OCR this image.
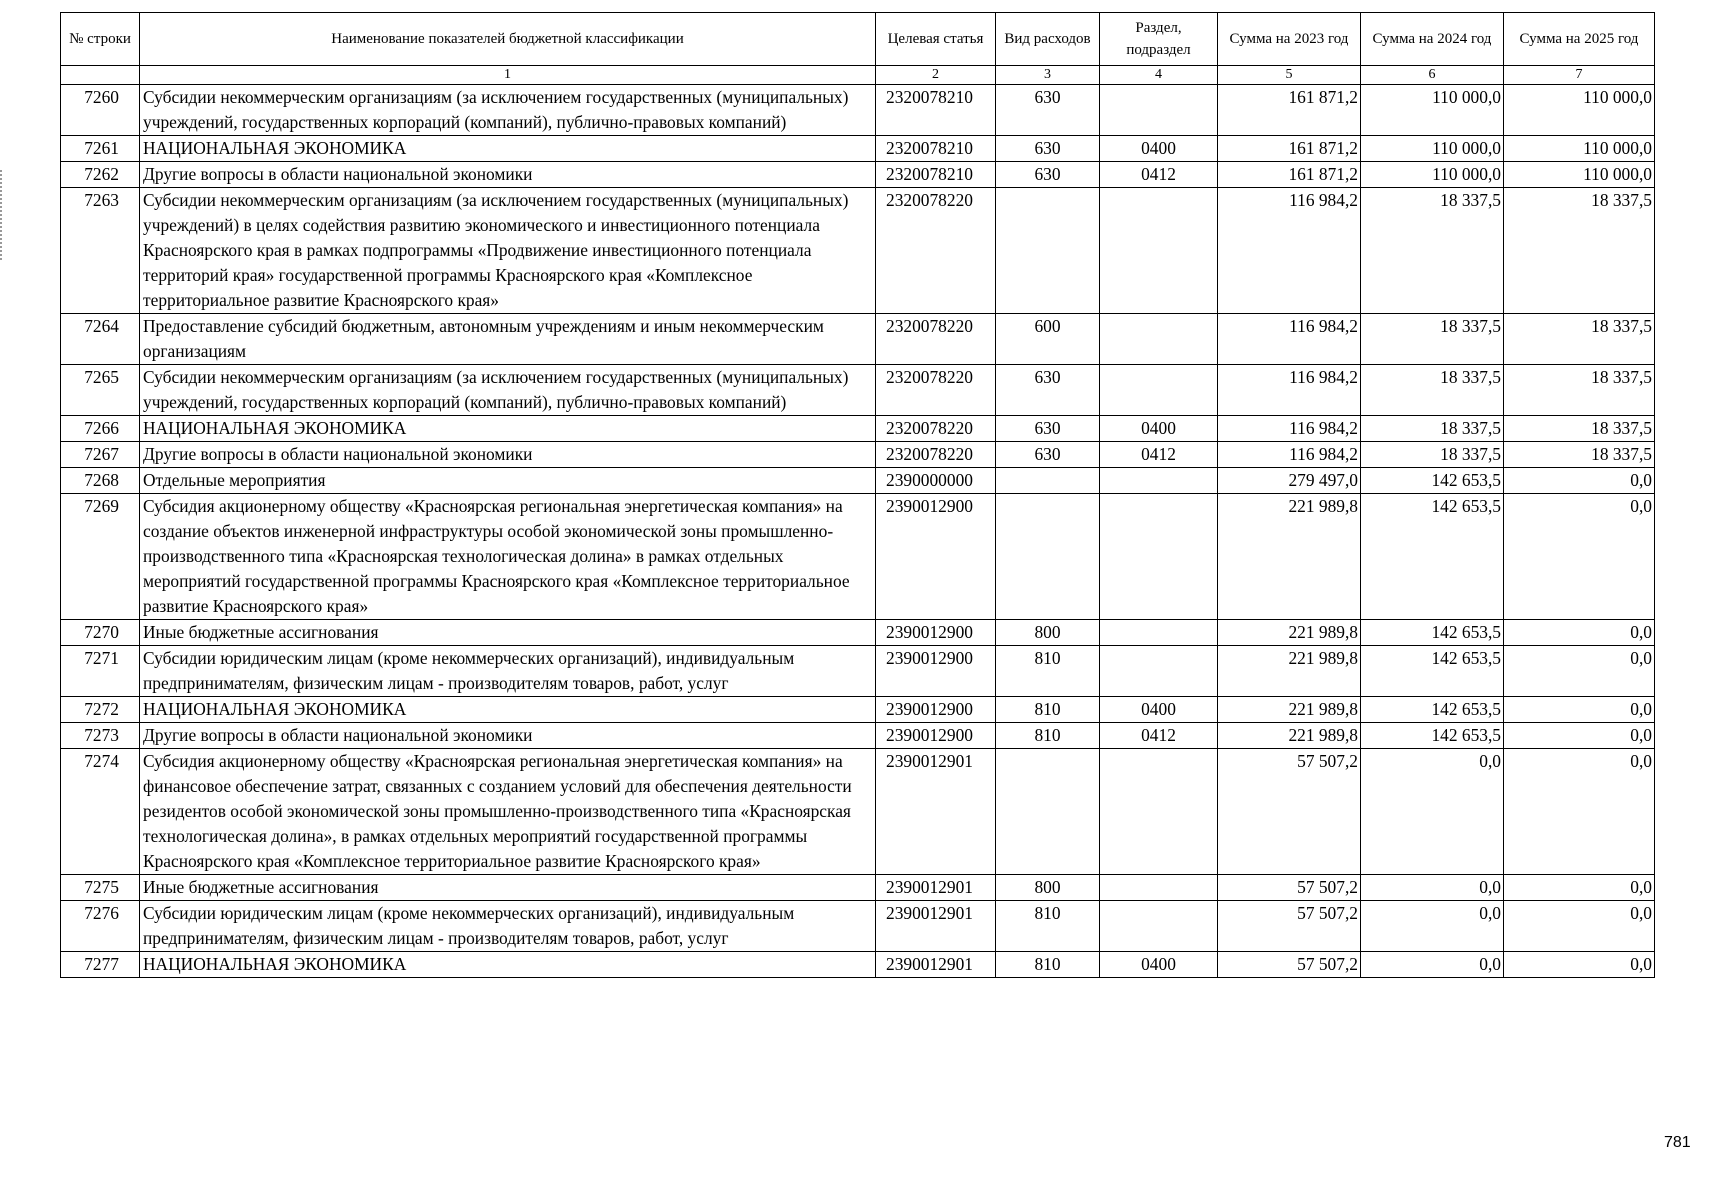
№ строки	Наименование показателей бюджетной классификации	Целевая статья	Вид расходов	Раздел, подраздел	Сумма на 2023 год	Сумма на 2024 год	Сумма на 2025 год
	1	2	3	4	5	6	7
7260	Субсидии некоммерческим организациям (за исключением государственных (муниципальных) учреждений, государственных корпораций (компаний), публично-правовых компаний)	2320078210	630		161 871,2	110 000,0	110 000,0
7261	НАЦИОНАЛЬНАЯ ЭКОНОМИКА	2320078210	630	0400	161 871,2	110 000,0	110 000,0
7262	Другие вопросы в области национальной экономики	2320078210	630	0412	161 871,2	110 000,0	110 000,0
7263	Субсидии некоммерческим организациям (за исключением государственных (муниципальных) учреждений) в целях содействия развитию экономического и инвестиционного потенциала Красноярского края в рамках подпрограммы «Продвижение инвестиционного потенциала территорий края» государственной программы Красноярского края «Комплексное территориальное развитие Красноярского края»	2320078220			116 984,2	18 337,5	18 337,5
7264	Предоставление субсидий бюджетным, автономным учреждениям и иным некоммерческим организациям	2320078220	600		116 984,2	18 337,5	18 337,5
7265	Субсидии некоммерческим организациям (за исключением государственных (муниципальных) учреждений, государственных корпораций (компаний), публично-правовых компаний)	2320078220	630		116 984,2	18 337,5	18 337,5
7266	НАЦИОНАЛЬНАЯ ЭКОНОМИКА	2320078220	630	0400	116 984,2	18 337,5	18 337,5
7267	Другие вопросы в области национальной экономики	2320078220	630	0412	116 984,2	18 337,5	18 337,5
7268	Отдельные мероприятия	2390000000			279 497,0	142 653,5	0,0
7269	Субсидия акционерному обществу «Красноярская региональная энергетическая компания» на создание объектов инженерной инфраструктуры особой экономической зоны промышленно-производственного типа «Красноярская технологическая долина» в рамках отдельных мероприятий государственной программы Красноярского края «Комплексное территориальное развитие Красноярского края»	2390012900			221 989,8	142 653,5	0,0
7270	Иные бюджетные ассигнования	2390012900	800		221 989,8	142 653,5	0,0
7271	Субсидии юридическим лицам (кроме некоммерческих организаций), индивидуальным предпринимателям, физическим лицам - производителям товаров, работ, услуг	2390012900	810		221 989,8	142 653,5	0,0
7272	НАЦИОНАЛЬНАЯ ЭКОНОМИКА	2390012900	810	0400	221 989,8	142 653,5	0,0
7273	Другие вопросы в области национальной экономики	2390012900	810	0412	221 989,8	142 653,5	0,0
7274	Субсидия акционерному обществу «Красноярская региональная энергетическая компания» на финансовое обеспечение затрат, связанных с созданием условий для обеспечения деятельности резидентов особой экономической зоны промышленно-производственного типа «Красноярская технологическая долина», в рамках отдельных мероприятий государственной программы Красноярского края «Комплексное территориальное развитие Красноярского края»	2390012901			57 507,2	0,0	0,0
7275	Иные бюджетные ассигнования	2390012901	800		57 507,2	0,0	0,0
7276	Субсидии юридическим лицам (кроме некоммерческих организаций), индивидуальным предпринимателям, физическим лицам - производителям товаров, работ, услуг	2390012901	810		57 507,2	0,0	0,0
7277	НАЦИОНАЛЬНАЯ ЭКОНОМИКА	2390012901	810	0400	57 507,2	0,0	0,0
781
